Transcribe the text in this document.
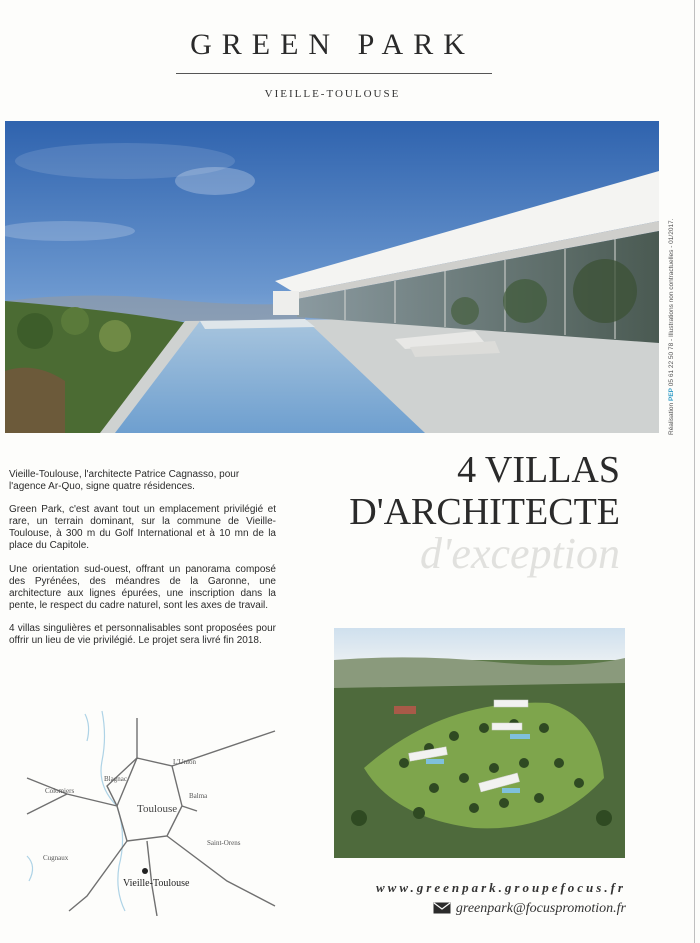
GREEN PARK
VIEILLE-TOULOUSE
Réalisation PEP 05 61 22 50 78 - Illustrations non contractuelles - 01/2017.

Vieille-Toulouse, l'architecte Patrice Cagnasso, pour l'agence Ar-Quo, signe quatre résidences.

Green Park, c'est avant tout un emplacement privilégié et rare, un terrain dominant, sur la commune de Vieille-Toulouse, à 300 m du Golf International et à 10 mn de la place du Capitole.

Une orientation sud-ouest, offrant un panorama composé des Pyrénées, des méandres de la Garonne, une architecture aux lignes épurées, une inscription dans la pente, le respect du cadre naturel, sont les axes de travail.

4 villas singulières et personnalisables sont proposées pour offrir un lieu de vie privilégié. Le projet sera livré fin 2018.

4 VILLAS
D'ARCHITECTE
d'exception
L'Union
Blagnac
Colomiers
Balma
Toulouse
Saint-Orens
Cugnaux
Vieille-Toulouse	www.greenpark.groupefocus.fr
greenpark@focuspromotion.fr
